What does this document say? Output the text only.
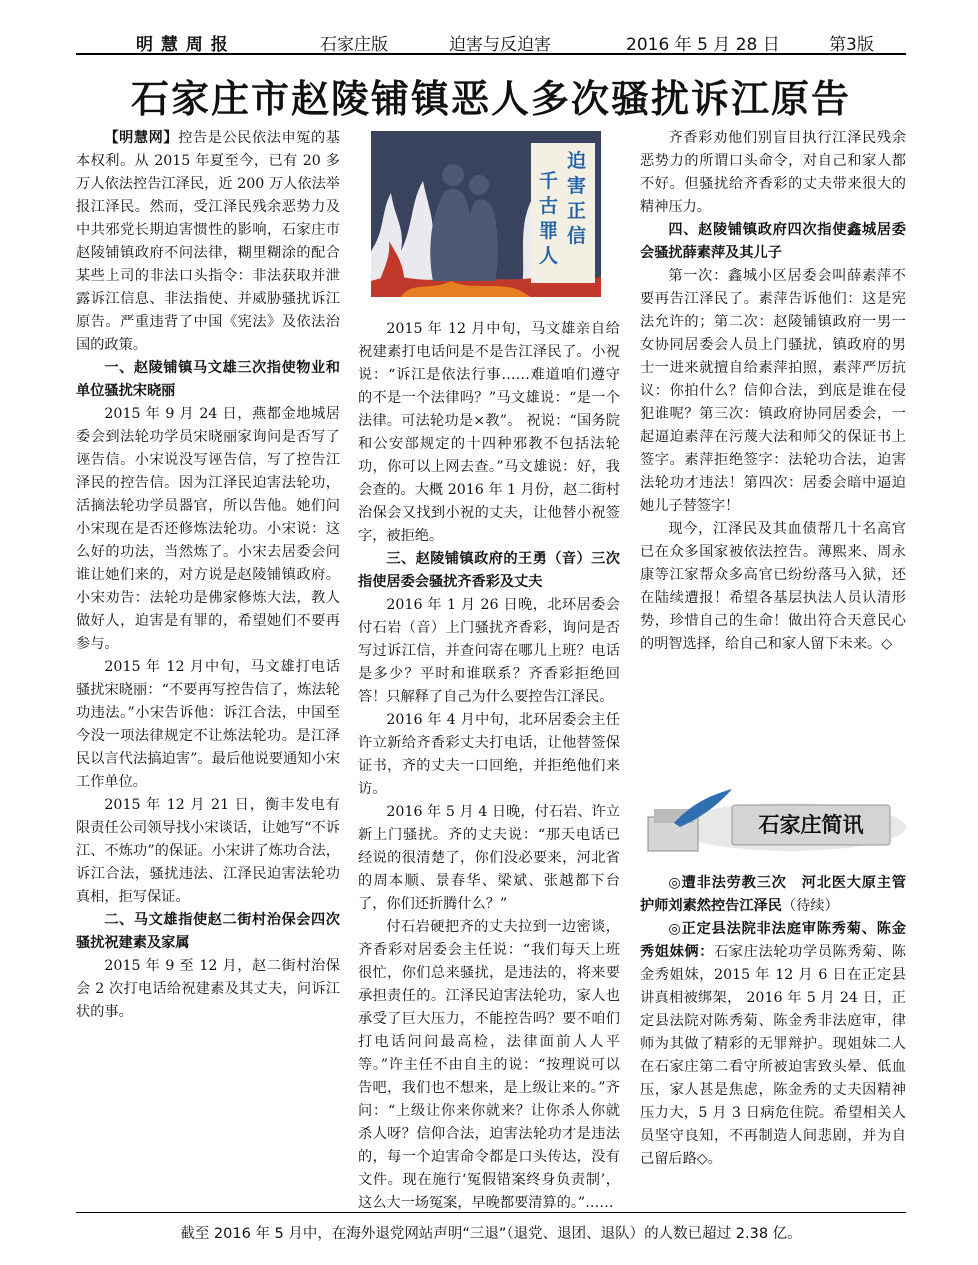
明 慧 周 报	石家庄版	迫害与反迫害	2016 年 5 月 28 日	第3版
石家庄市赵陵铺镇恶人多次骚扰诉江原告
迫害正信
千古罪人

【明慧网】控告是公民依法申冤的基本权利。从 2015 年夏至今，已有 20 多万人依法控告江泽民，近 200 万人依法举报江泽民。然而，受江泽民残余恶势力及中共邪党长期迫害惯性的影响，石家庄市赵陵铺镇政府不问法律，糊里糊涂的配合某些上司的非法口头指令：非法获取并泄露诉江信息、非法指使、并威胁骚扰诉江原告。严重违背了中国《宪法》及依法治国的政策。

一、赵陵铺镇马文雄三次指使物业和单位骚扰宋晓丽

2015 年 9 月 24 日，燕都金地城居委会到法轮功学员宋晓丽家询问是否写了诬告信。小宋说没写诬告信，写了控告江泽民的控告信。因为江泽民迫害法轮功，活摘法轮功学员器官，所以告他。她们问小宋现在是否还修炼法轮功。小宋说：这么好的功法，当然炼了。小宋去居委会问谁让她们来的，对方说是赵陵铺镇政府。小宋劝告：法轮功是佛家修炼大法，教人做好人，迫害是有罪的，希望她们不要再参与。

2015 年 12 月中旬，马文雄打电话骚扰宋晓丽：“不要再写控告信了，炼法轮功违法。”小宋告诉他：诉江合法，中国至今没一项法律规定不让炼法轮功。是江泽民以言代法搞迫害”。最后他说要通知小宋工作单位。

2015 年 12 月 21 日，衡丰发电有限责任公司领导找小宋谈话，让她写“不诉江、不炼功”的保证。小宋讲了炼功合法，诉江合法，骚扰违法、江泽民迫害法轮功真相，拒写保证。

二、马文雄指使赵二街村治保会四次骚扰祝建素及家属

2015 年 9 至 12 月，赵二街村治保会 2 次打电话给祝建素及其丈夫，问诉江状的事。

2015 年 12 月中旬，马文雄亲自给祝建素打电话问是不是告江泽民了。小祝说：“诉江是依法行事……难道咱们遵守的不是一个法律吗？”马文雄说：“是一个法律。可法轮功是×教”。 祝说：“国务院和公安部规定的十四种邪教不包括法轮功，你可以上网去查。”马文雄说：好，我会查的。大概 2016 年 1 月份，赵二街村治保会又找到小祝的丈夫，让他替小祝签字，被拒绝。

三、赵陵铺镇政府的王勇（音）三次指使居委会骚扰齐香彩及丈夫

2016 年 1 月 26 日晚，北环居委会付石岩（音）上门骚扰齐香彩，询问是否写过诉江信，并查问寄在哪儿上班？电话是多少？平时和谁联系？齐香彩拒绝回答！只解释了自己为什么要控告江泽民。

2016 年 4 月中旬，北环居委会主任许立新给齐香彩丈夫打电话，让他替签保证书，齐的丈夫一口回绝，并拒绝他们来访。

2016 年 5 月 4 日晚，付石岩、许立新上门骚扰。齐的丈夫说：“那天电话已经说的很清楚了，你们没必要来，河北省的周本顺、景春华、梁斌、张越都下台了，你们还折腾什么？”

付石岩硬把齐的丈夫拉到一边密谈，齐香彩对居委会主任说：“我们每天上班很忙，你们总来骚扰，是违法的，将来要承担责任的。江泽民迫害法轮功，家人也承受了巨大压力，不能控告吗？要不咱们打电话问问最高检，法律面前人人平等。”许主任不由自主的说：“按理说可以告吧，我们也不想来，是上级让来的。”齐问：“上级让你来你就来？让你杀人你就杀人呀？信仰合法，迫害法轮功才是违法的，每一个迫害命令都是口头传达，没有文件。现在施行‘冤假错案终身负责制’，这么大一场冤案，早晚都要清算的。”……

齐香彩劝他们别盲目执行江泽民残余恶势力的所谓口头命令，对自己和家人都不好。但骚扰给齐香彩的丈夫带来很大的精神压力。

四、赵陵铺镇政府四次指使鑫城居委会骚扰薛素萍及其儿子

第一次：鑫城小区居委会叫薛素萍不要再告江泽民了。素萍告诉他们：这是宪法允许的；第二次：赵陵铺镇政府一男一女协同居委会人员上门骚扰，镇政府的男士一进来就擅自给素萍拍照，素萍严厉抗议：你拍什么？信仰合法，到底是谁在侵犯谁呢？第三次：镇政府协同居委会，一起逼迫素萍在污蔑大法和师父的保证书上签字。素萍拒绝签字：法轮功合法，迫害法轮功才违法！第四次：居委会暗中逼迫她儿子替签字！

现今，江泽民及其血债帮几十名高官已在众多国家被依法控告。薄熙来、周永康等江家帮众多高官已纷纷落马入狱，还在陆续遭报！希望各基层执法人员认清形势，珍惜自己的生命！做出符合天意民心的明智选择，给自己和家人留下未来。◇

石家庄简讯

◎遭非法劳教三次　河北医大原主管护师刘素然控告江泽民（待续）

◎正定县法院非法庭审陈秀菊、陈金秀姐妹俩：石家庄法轮功学员陈秀菊、陈金秀姐妹，2015 年 12 月 6 日在正定县讲真相被绑架， 2016 年 5 月 24 日，正定县法院对陈秀菊、陈金秀非法庭审，律师为其做了精彩的无罪辩护。现姐妹二人在石家庄第二看守所被迫害致头晕、低血压，家人甚是焦虑，陈金秀的丈夫因精神压力大，5 月 3 日病危住院。希望相关人员坚守良知，不再制造人间悲剧，并为自己留后路◇。

截至 2016 年 5 月中，在海外退党网站声明“三退”（退党、退团、退队）的人数已超过 2.38 亿。
